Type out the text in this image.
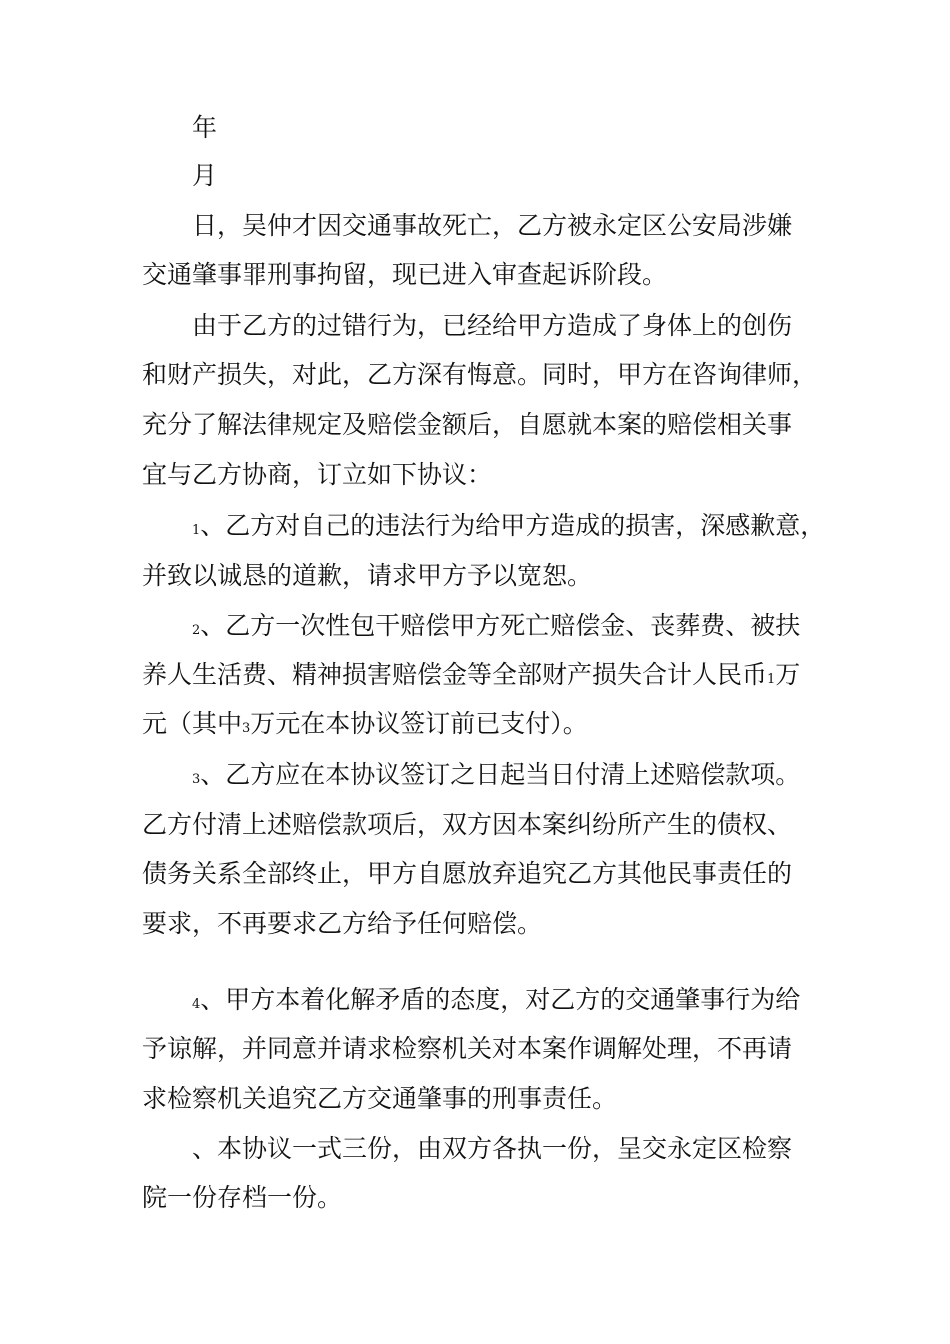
年
月
日，吴仲才因交通事故死亡，乙方被永定区公安局涉嫌
交通肇事罪刑事拘留，现已进入审查起诉阶段。
由于乙方的过错行为，已经给甲方造成了身体上的创伤
和财产损失，对此，乙方深有悔意。同时，甲方在咨询律师，
充分了解法律规定及赔偿金额后，自愿就本案的赔偿相关事
宜与乙方协商，订立如下协议：
1、乙方对自己的违法行为给甲方造成的损害，深感歉意，
并致以诚恳的道歉，请求甲方予以宽恕。
2、乙方一次性包干赔偿甲方死亡赔偿金、丧葬费、被扶
养人生活费、精神损害赔偿金等全部财产损失合计人民币1万
元（其中3万元在本协议签订前已支付）。
3、乙方应在本协议签订之日起当日付清上述赔偿款项。
乙方付清上述赔偿款项后，双方因本案纠纷所产生的债权、
债务关系全部终止，甲方自愿放弃追究乙方其他民事责任的
要求，不再要求乙方给予任何赔偿。
4、甲方本着化解矛盾的态度，对乙方的交通肇事行为给
予谅解，并同意并请求检察机关对本案作调解处理，不再请
求检察机关追究乙方交通肇事的刑事责任。
、本协议一式三份，由双方各执一份，呈交永定区检察
院一份存档一份。
